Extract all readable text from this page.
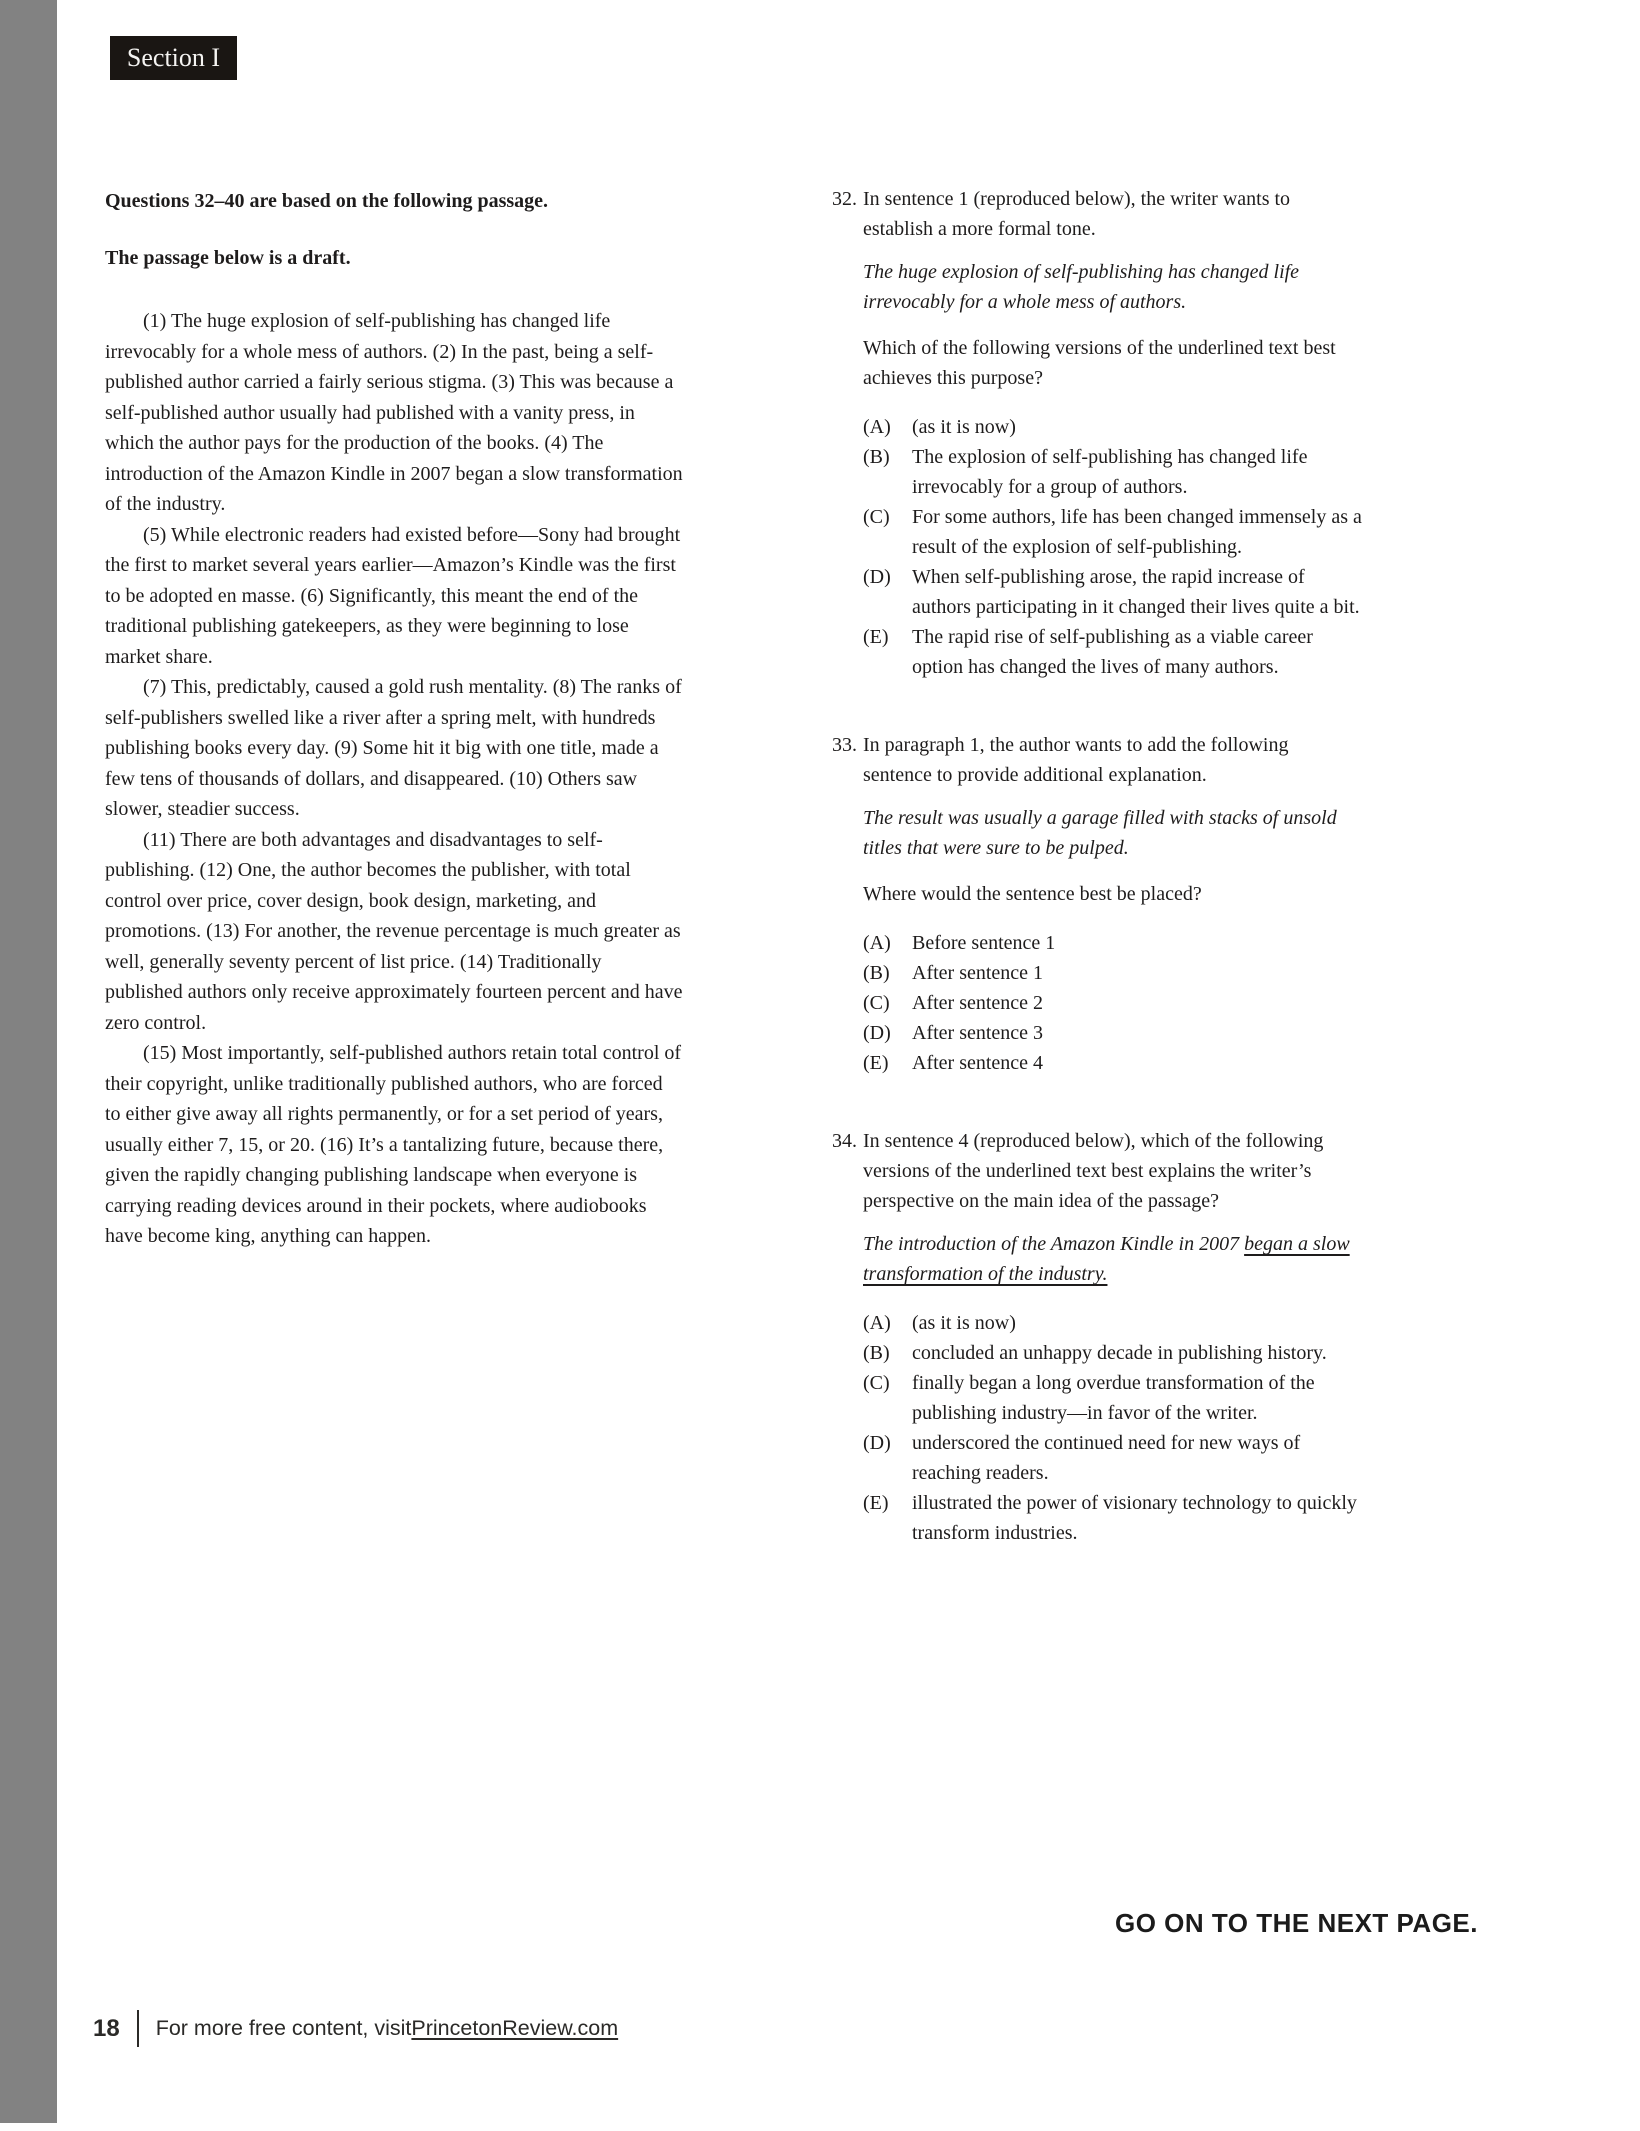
Section I

Questions 32–40 are based on the following passage.

The passage below is a draft.

(1) The huge explosion of self-publishing has changed life irrevocably for a whole mess of authors. (2) In the past, being a self-published author carried a fairly serious stigma. (3) This was because a self-published author usually had published with a vanity press, in which the author pays for the production of the books. (4) The introduction of the Amazon Kindle in 2007 began a slow transformation of the industry.

(5) While electronic readers had existed before—Sony had brought the first to market several years earlier—Amazon’s Kindle was the first to be adopted en masse. (6) Significantly, this meant the end of the traditional publishing gatekeepers, as they were beginning to lose market share.

(7) This, predictably, caused a gold rush mentality. (8) The ranks of self-publishers swelled like a river after a spring melt, with hundreds publishing books every day. (9) Some hit it big with one title, made a few tens of thousands of dollars, and disappeared. (10) Others saw slower, steadier success.

(11) There are both advantages and disadvantages to self-publishing. (12) One, the author becomes the publisher, with total control over price, cover design, book design, marketing, and promotions. (13) For another, the revenue percentage is much greater as well, generally seventy percent of list price. (14) Traditionally published authors only receive approximately fourteen percent and have zero control.

(15) Most importantly, self-published authors retain total control of their copyright, unlike traditionally published authors, who are forced to either give away all rights permanently, or for a set period of years, usually either 7, 15, or 20. (16) It’s a tantalizing future, because there, given the rapidly changing publishing landscape when everyone is carrying reading devices around in their pockets, where audiobooks have become king, anything can happen.

32. In sentence 1 (reproduced below), the writer wants to establish a more formal tone.

The huge explosion of self-publishing has changed life irrevocably for a whole mess of authors.

Which of the following versions of the underlined text best achieves this purpose?

(A)	(as it is now)
(B)	The explosion of self-publishing has changed life irrevocably for a group of authors.
(C)	For some authors, life has been changed immensely as a result of the explosion of self-publishing.
(D)	When self-publishing arose, the rapid increase of authors participating in it changed their lives quite a bit.
(E)	The rapid rise of self-publishing as a viable career option has changed the lives of many authors.

33. In paragraph 1, the author wants to add the following sentence to provide additional explanation.

The result was usually a garage filled with stacks of unsold titles that were sure to be pulped.

Where would the sentence best be placed?

(A)	Before sentence 1
(B)	After sentence 1
(C)	After sentence 2
(D)	After sentence 3
(E)	After sentence 4

34. In sentence 4 (reproduced below), which of the following versions of the underlined text best explains the writer’s perspective on the main idea of the passage?

The introduction of the Amazon Kindle in 2007 began a slow transformation of the industry.

(A)	(as it is now)
(B)	concluded an unhappy decade in publishing history.
(C)	finally began a long overdue transformation of the publishing industry—in favor of the writer.
(D)	underscored the continued need for new ways of reaching readers.
(E)	illustrated the power of visionary technology to quickly transform industries.
GO ON TO THE NEXT PAGE.
18 For more free content, visit PrincetonReview.com
